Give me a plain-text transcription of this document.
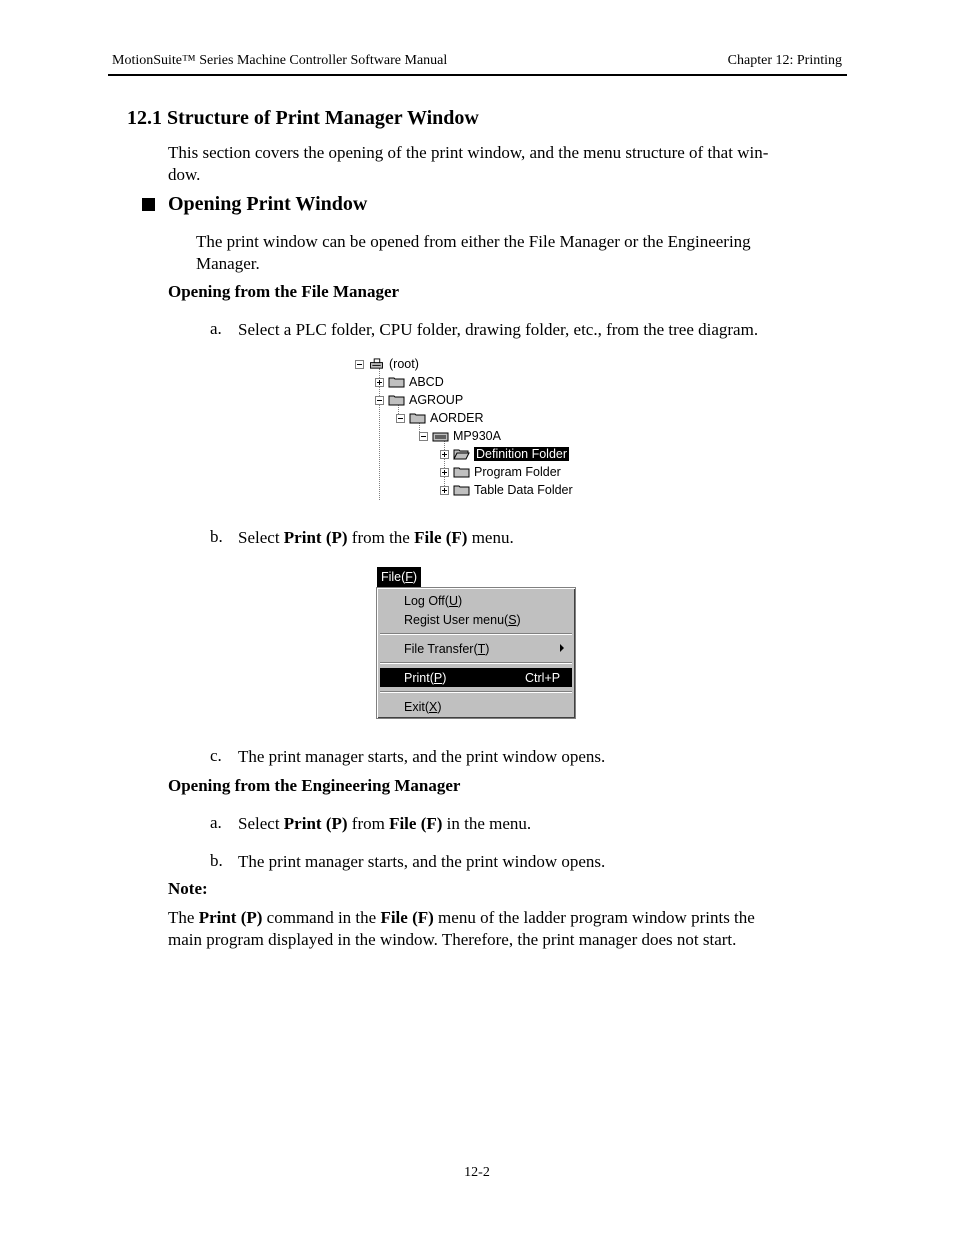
MotionSuite™ Series Machine Controller Software Manual	Chapter 12: Printing
12.1 Structure of Print Manager Window
This section covers the opening of the print window, and the menu structure of that win-
dow.
Opening Print Window
The print window can be opened from either the File Manager or the Engineering
Manager.
Opening from the File Manager
a. Select a PLC folder, CPU folder, drawing folder, etc., from the tree diagram.
(root)
ABCD
AGROUP
AORDER
MP930A
Definition Folder
Program Folder
Table Data Folder
b. Select Print (P) from the File (F) menu.
File( F )
Log Off( U )
Regist User menu( S )
File Transfer( T )
Print( P )	Ctrl+P
Exit( X )
c. The print manager starts, and the print window opens.
Opening from the Engineering Manager
a. Select Print (P) from File (F) in the menu.
b. The print manager starts, and the print window opens.
Note:
The Print (P) command in the File (F) menu of the ladder program window prints the
main program displayed in the window. Therefore, the print manager does not start.
12-2
